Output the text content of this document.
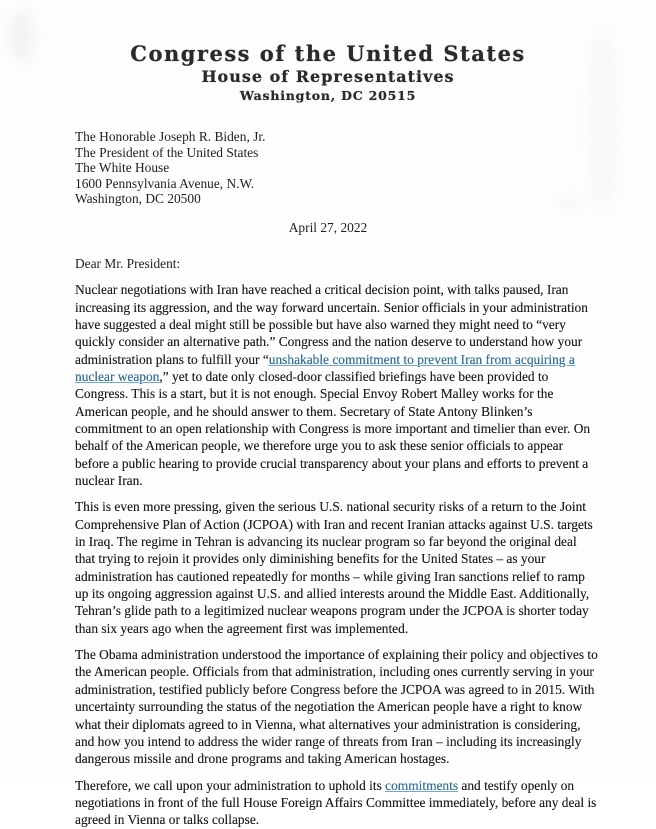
Congress of the United States
House of Representatives
Washington, DC 20515
The Honorable Joseph R. Biden, Jr.
The President of the United States
The White House
1600 Pennsylvania Avenue, N.W.
Washington, DC 20500
April 27, 2022
Dear Mr. President:

Nuclear negotiations with Iran have reached a critical decision point, with talks paused, Iran increasing its aggression, and the way forward uncertain. Senior officials in your administration have suggested a deal might still be possible but have also warned they might need to “very quickly consider an alternative path.” Congress and the nation deserve to understand how your administration plans to fulfill your “unshakable commitment to prevent Iran from acquiring a nuclear weapon,” yet to date only closed-door classified briefings have been provided to Congress. This is a start, but it is not enough. Special Envoy Robert Malley works for the American people, and he should answer to them. Secretary of State Antony Blinken’s commitment to an open relationship with Congress is more important and timelier than ever. On behalf of the American people, we therefore urge you to ask these senior officials to appear before a public hearing to provide crucial transparency about your plans and efforts to prevent a nuclear Iran.

This is even more pressing, given the serious U.S. national security risks of a return to the Joint Comprehensive Plan of Action (JCPOA) with Iran and recent Iranian attacks against U.S. targets in Iraq. The regime in Tehran is advancing its nuclear program so far beyond the original deal that trying to rejoin it provides only diminishing benefits for the United States – as your administration has cautioned repeatedly for months – while giving Iran sanctions relief to ramp up its ongoing aggression against U.S. and allied interests around the Middle East. Additionally, Tehran’s glide path to a legitimized nuclear weapons program under the JCPOA is shorter today than six years ago when the agreement first was implemented.

The Obama administration understood the importance of explaining their policy and objectives to the American people. Officials from that administration, including ones currently serving in your administration, testified publicly before Congress before the JCPOA was agreed to in 2015. With uncertainty surrounding the status of the negotiation the American people have a right to know what their diplomats agreed to in Vienna, what alternatives your administration is considering, and how you intend to address the wider range of threats from Iran – including its increasingly dangerous missile and drone programs and taking American hostages.

Therefore, we call upon your administration to uphold its commitments and testify openly on negotiations in front of the full House Foreign Affairs Committee immediately, before any deal is agreed in Vienna or talks collapse.
